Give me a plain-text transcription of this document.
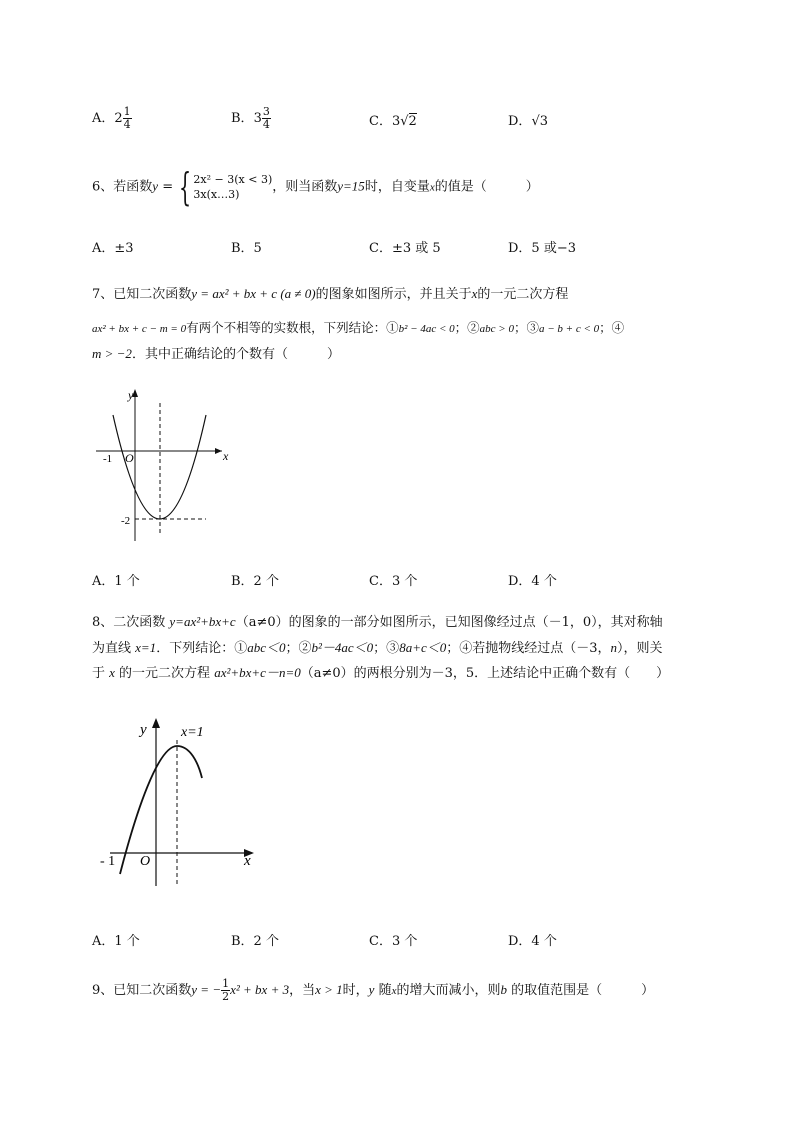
A．$2 \frac{1}{4}$	B．$3 \frac{3}{4}$	C．3√2	D．√3
6、若函数y = { 2x² − 3(x < 3)
3x(x…3)	，则当函数y=15时，自变量x的值是（　　　）
A．±3	B．5	C．±3 或 5	D．5 或−3
7、已知二次函数y = ax² + bx + c (a ≠ 0)的图象如图所示，并且关于x的一元二次方程
ax² + bx + c − m = 0有两个不相等的实数根，下列结论：①b² − 4ac < 0；②abc > 0；③a − b + c < 0；④
m > −2．其中正确结论的个数有（　　　）
y
x
O
-1
-2
A．1 个	B．2 个	C．3 个	D．4 个
8、二次函数 y=ax²+bx+c（a≠0）的图象的一部分如图所示，已知图像经过点（－1，0），其对称轴
为直线 x=1．下列结论：①abc＜0；②b²－4ac＜0；③8a+c＜0；④若抛物线经过点（－3，n），则关
于 x 的一元二次方程 ax²+bx+c－n=0（a≠0）的两根分别为－3，5．上述结论中正确个数有（　　）
y
x
x=1
O
- 1
A．1 个	B．2 个	C．3 个	D．4 个
9、已知二次函数y = − $\frac{1}{2} x^2$ + bx + 3，当x > 1时，y 随x的增大而减小，则b 的取值范围是（　　　）
